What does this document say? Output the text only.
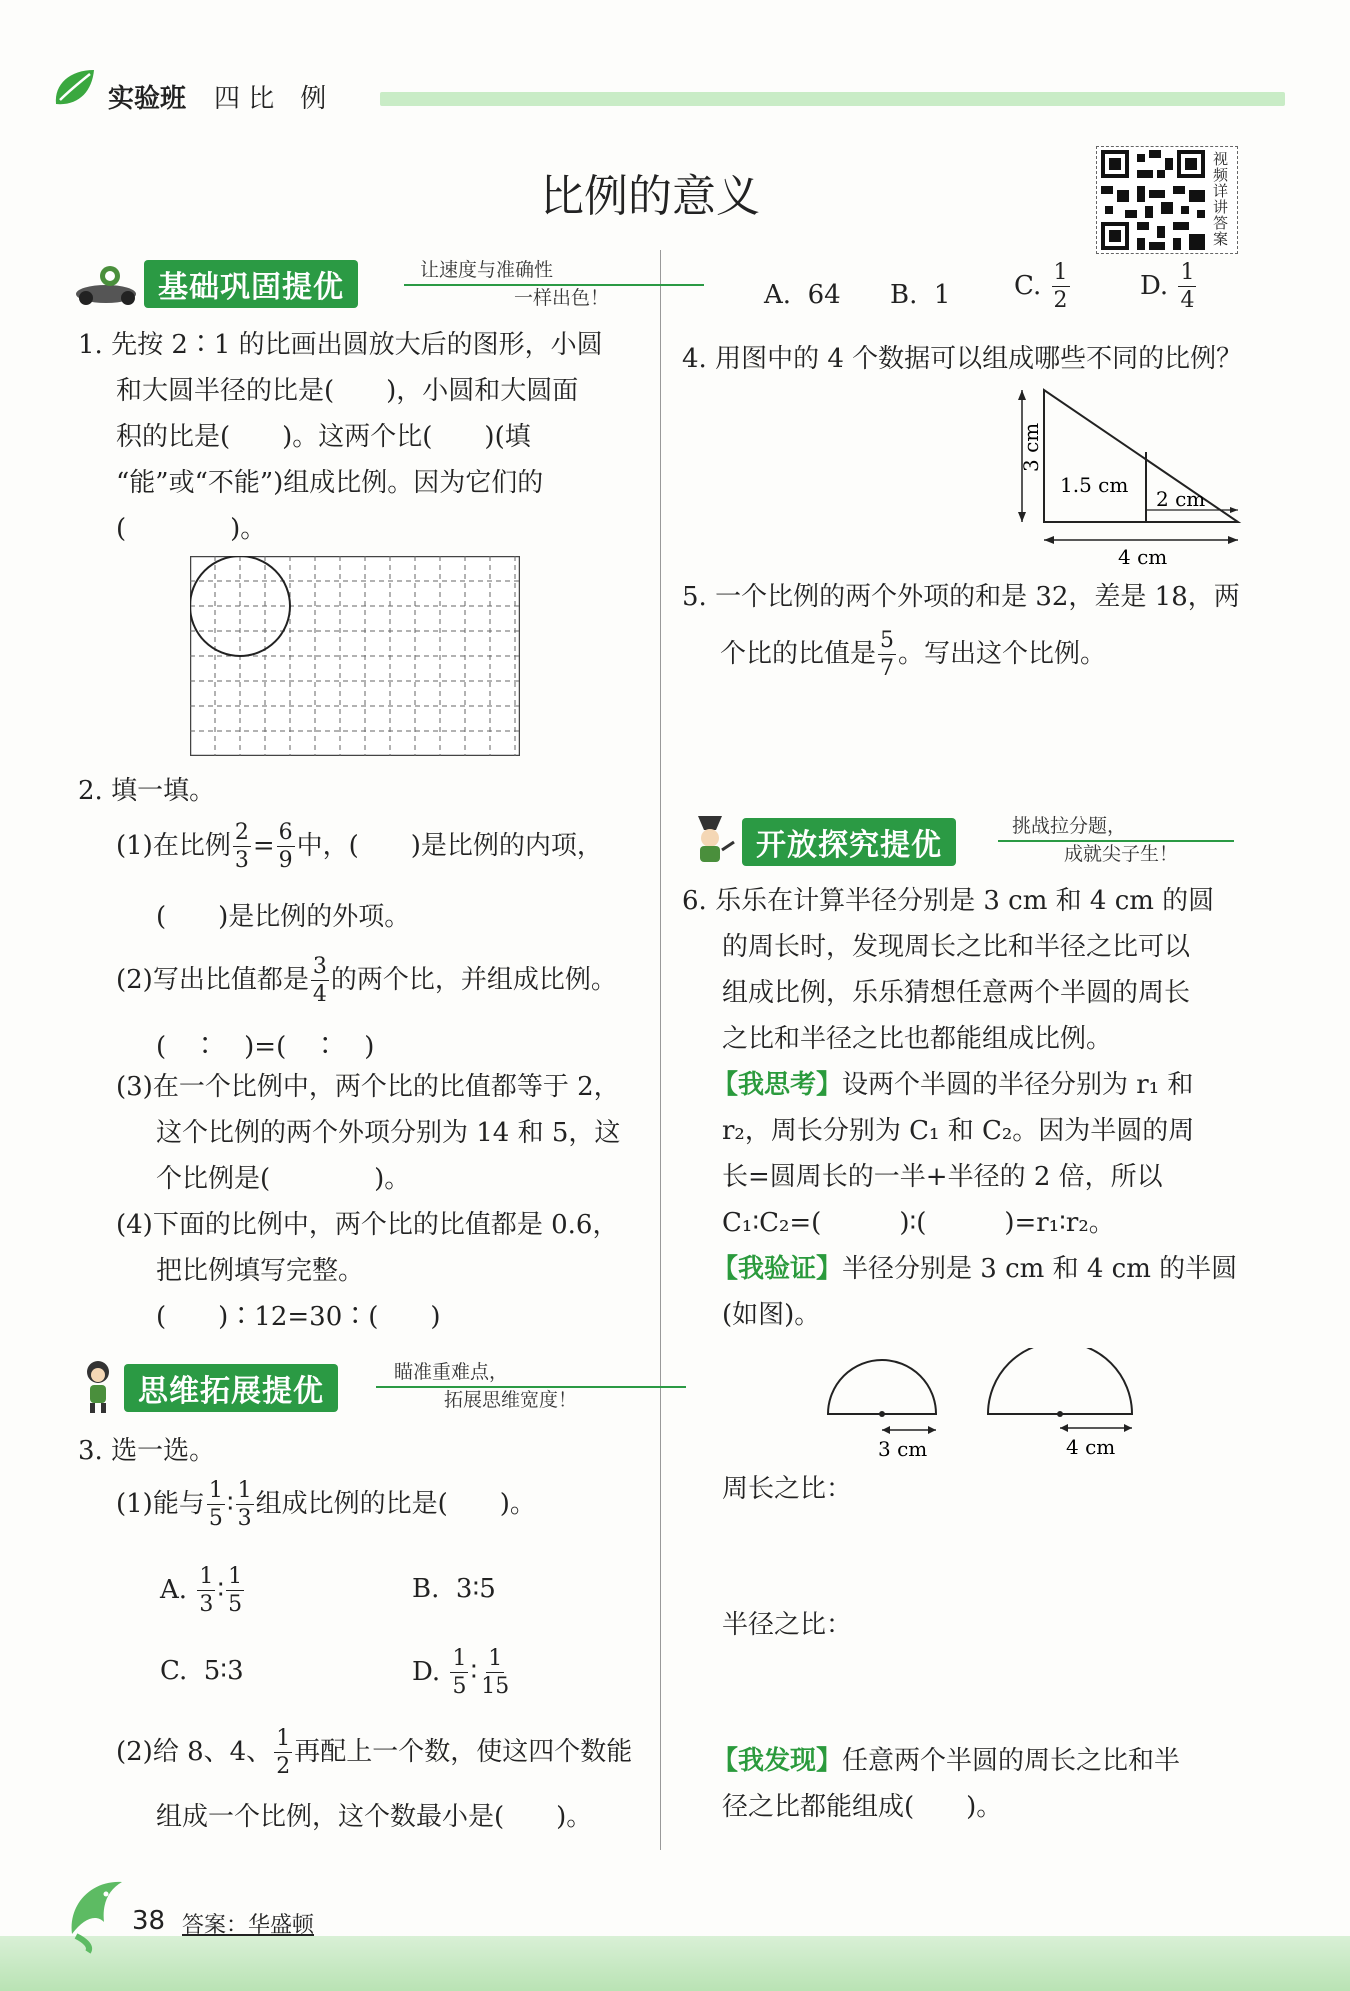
实验班 四 比　例
比例的意义
视频详讲答案
基础巩固提优	让速度与准确性
一样出色！
1. 先按 2∶1 的比画出圆放大后的图形，小圆
和大圆半径的比是(　　)，小圆和大圆面
积的比是(　　)。这两个比(　　)(填
“能”或“不能”)组成比例。因为它们的
(　　　　)。
2. 填一填。
(1)在比例 $\frac{2}{3} = \frac{6}{9}$ 中，(　　)是比例的内项，
(　　)是比例的外项。
(2)写出比值都是 $\frac{3}{4}$ 的两个比，并组成比例。
(　∶　)=(　∶　)
(3)在一个比例中，两个比的比值都等于 2，
这个比例的两个外项分别为 14 和 5，这
个比例是(　　　　)。
(4)下面的比例中，两个比的比值都是 0.6，
把比例填写完整。
(　　)∶12=30∶(　　)
思维拓展提优
瞄准重难点，
拓展思维宽度！
3. 选一选。
(1)能与 $\frac{1}{5}$ ∶ $\frac{1}{3}$ 组成比例的比是(　　)。
A. $\frac{1}{3}$ ∶ $\frac{1}{5}$	B.  3∶5
C.  5∶3	D. $\frac{1}{5}$ ∶ $\frac{1}{15}$
(2)给 8、4、 $\frac{1}{2}$ 再配上一个数，使这四个数能
组成一个比例，这个数最小是(　　)。
A.  64 B.  1 C. $\frac{1}{2}$	D. $\frac{1}{4}$
4. 用图中的 4 个数据可以组成哪些不同的比例？
3 cm
1.5 cm
2 cm
4 cm
5. 一个比例的两个外项的和是 32，差是 18，两
个比的比值是 $\frac{5}{7}$ 。写出这个比例。
开放探究提优
挑战拉分题，
成就尖子生！
6. 乐乐在计算半径分别是 3 cm 和 4 cm 的圆
的周长时，发现周长之比和半径之比可以
组成比例，乐乐猜想任意两个半圆的周长
之比和半径之比也都能组成比例。
【我思考】设两个半圆的半径分别为 r₁ 和
r₂，周长分别为 C₁ 和 C₂。因为半圆的周
长=圆周长的一半+半径的 2 倍，所以
C₁∶C₂=(　　　)∶(　　　)=r₁∶r₂。
【我验证】半径分别是 3 cm 和 4 cm 的半圆
(如图)。
3 cm	4 cm
周长之比：
半径之比：
【我发现】任意两个半圆的周长之比和半
径之比都能组成(　　)。
38 答案：华盛顿
